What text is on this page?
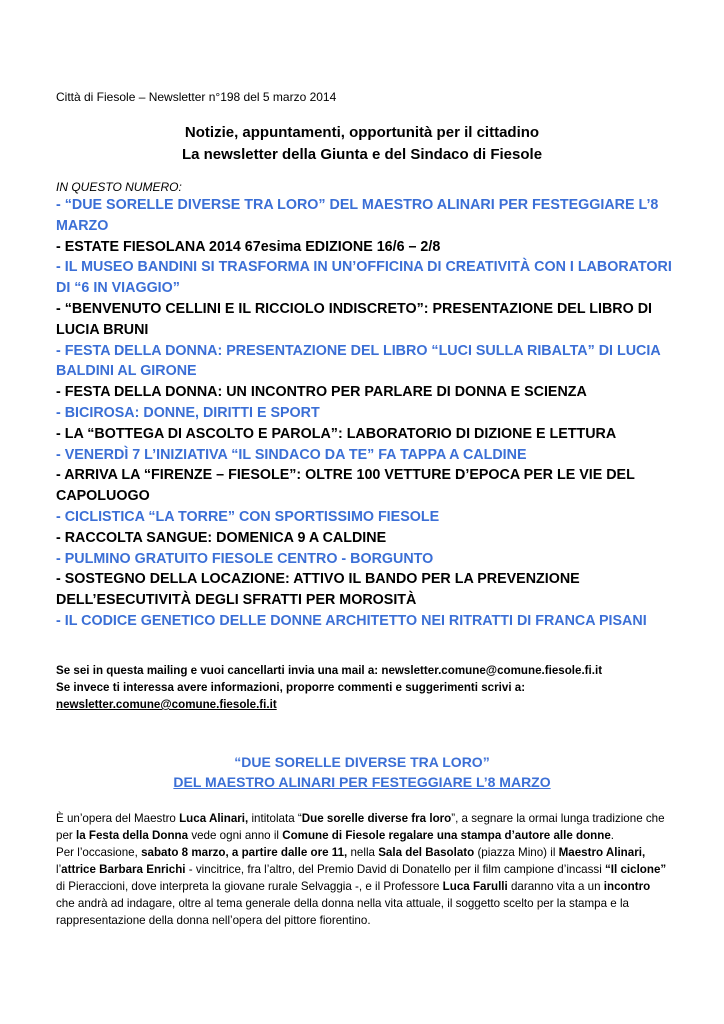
Città di Fiesole – Newsletter n°198 del 5 marzo 2014
Notizie, appuntamenti, opportunità per il cittadino
La newsletter della Giunta e del Sindaco di Fiesole
IN QUESTO NUMERO:
- “DUE SORELLE DIVERSE TRA LORO” DEL MAESTRO ALINARI PER FESTEGGIARE L’8 MARZO
- ESTATE FIESOLANA 2014 67esima EDIZIONE 16/6 – 2/8
- IL MUSEO BANDINI SI TRASFORMA IN UN’OFFICINA DI CREATIVITÀ CON I LABORATORI DI “6 IN VIAGGIO”
- “BENVENUTO CELLINI E IL RICCIOLO INDISCRETO”: PRESENTAZIONE DEL LIBRO DI LUCIA BRUNI
- FESTA DELLA DONNA: PRESENTAZIONE DEL LIBRO “LUCI SULLA RIBALTA” DI LUCIA BALDINI AL GIRONE
- FESTA DELLA DONNA: UN INCONTRO PER PARLARE DI DONNA E SCIENZA
- BICIROSA: DONNE, DIRITTI E SPORT
- LA “BOTTEGA DI ASCOLTO E PAROLA”: LABORATORIO DI DIZIONE E LETTURA
- VENERDÌ 7 L’INIZIATIVA “IL SINDACO DA TE” FA TAPPA A CALDINE
- ARRIVA LA “FIRENZE – FIESOLE”: OLTRE 100 VETTURE D’EPOCA PER LE VIE DEL CAPOLUOGO
- CICLISTICA “LA TORRE” CON SPORTISSIMO FIESOLE
- RACCOLTA SANGUE: DOMENICA 9 A CALDINE
- PULMINO GRATUITO FIESOLE CENTRO - BORGUNTO
- SOSTEGNO DELLA LOCAZIONE: ATTIVO IL BANDO PER LA PREVENZIONE DELL’ESECUTIVITÀ DEGLI SFRATTI PER MOROSITÀ
- IL CODICE GENETICO DELLE DONNE ARCHITETTO NEI RITRATTI DI FRANCA PISANI
Se sei in questa mailing e vuoi cancellarti invia una mail a: newsletter.comune@comune.fiesole.fi.it
Se invece ti interessa avere informazioni, proporre commenti e suggerimenti scrivi a:
newsletter.comune@comune.fiesole.fi.it
“DUE SORELLE DIVERSE TRA LORO”
DEL MAESTRO ALINARI PER FESTEGGIARE L’8 MARZO
È un’opera del Maestro Luca Alinari, intitolata “Due sorelle diverse fra loro”, a segnare la ormai lunga tradizione che per la Festa della Donna vede ogni anno il Comune di Fiesole regalare una stampa d’autore alle donne.
Per l’occasione, sabato 8 marzo, a partire dalle ore 11, nella Sala del Basolato (piazza Mino) il Maestro Alinari, l’attrice Barbara Enrichi - vincitrice, fra l’altro, del Premio David di Donatello per il film campione d’incassi “Il ciclone” di Pieraccioni, dove interpreta la giovane rurale Selvaggia -, e il Professore Luca Farulli daranno vita a un incontro che andrà ad indagare, oltre al tema generale della donna nella vita attuale, il soggetto scelto per la stampa e la rappresentazione della donna nell’opera del pittore fiorentino.
